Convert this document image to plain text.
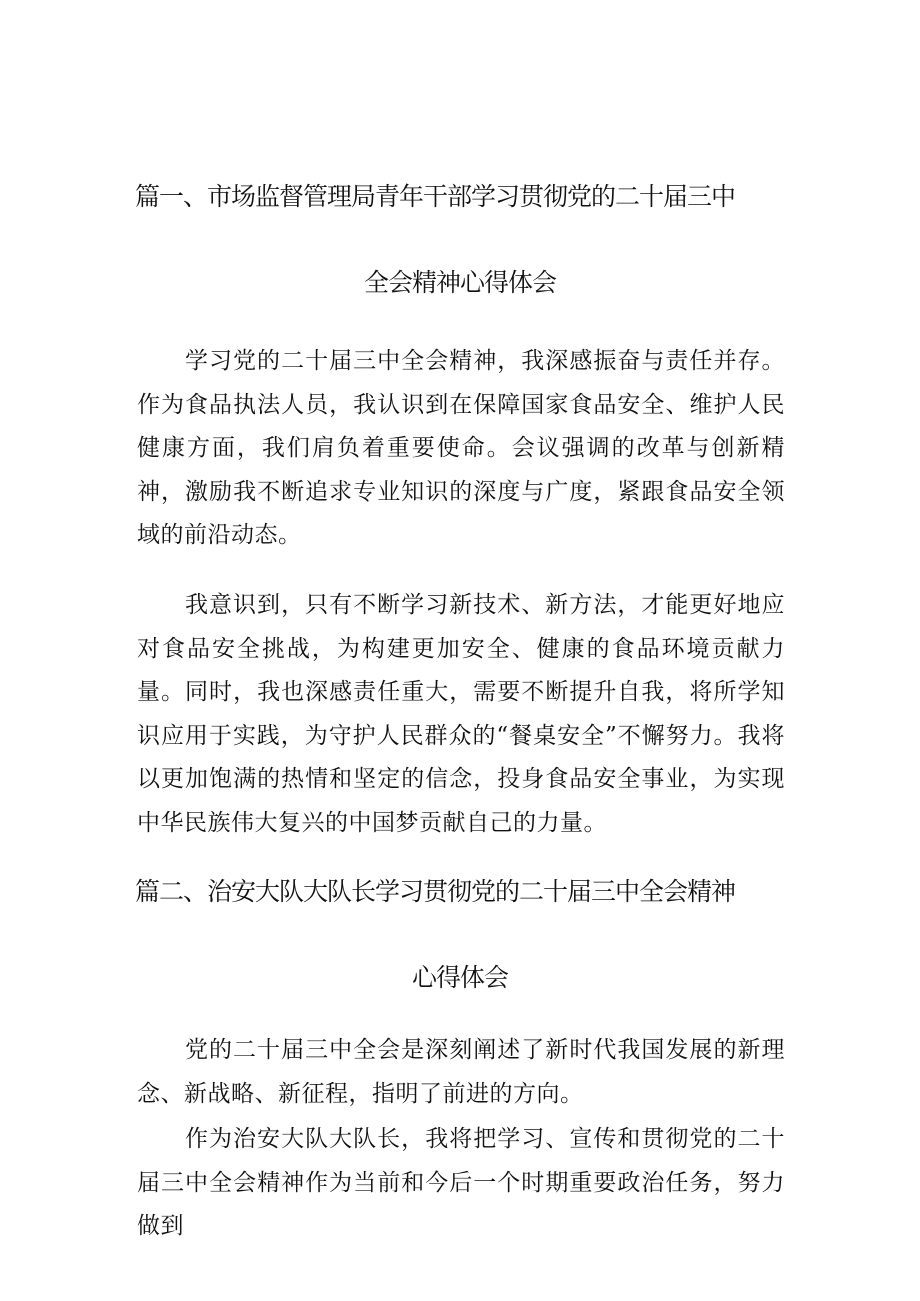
篇一、市场监督管理局青年干部学习贯彻党的二十届三中
全会精神心得体会

学习党的二十届三中全会精神，我深感振奋与责任并存。作为食品执法人员，我认识到在保障国家食品安全、维护人民健康方面，我们肩负着重要使命。会议强调的改革与创新精神，激励我不断追求专业知识的深度与广度，紧跟食品安全领域的前沿动态。

我意识到，只有不断学习新技术、新方法，才能更好地应对食品安全挑战，为构建更加安全、健康的食品环境贡献力量。同时，我也深感责任重大，需要不断提升自我，将所学知识应用于实践，为守护人民群众的“餐桌安全”不懈努力。我将以更加饱满的热情和坚定的信念，投身食品安全事业，为实现中华民族伟大复兴的中国梦贡献自己的力量。

篇二、治安大队大队长学习贯彻党的二十届三中全会精神
心得体会

党的二十届三中全会是深刻阐述了新时代我国发展的新理念、新战略、新征程，指明了前进的方向。

作为治安大队大队长，我将把学习、宣传和贯彻党的二十届三中全会精神作为当前和今后一个时期重要政治任务，努力做到
